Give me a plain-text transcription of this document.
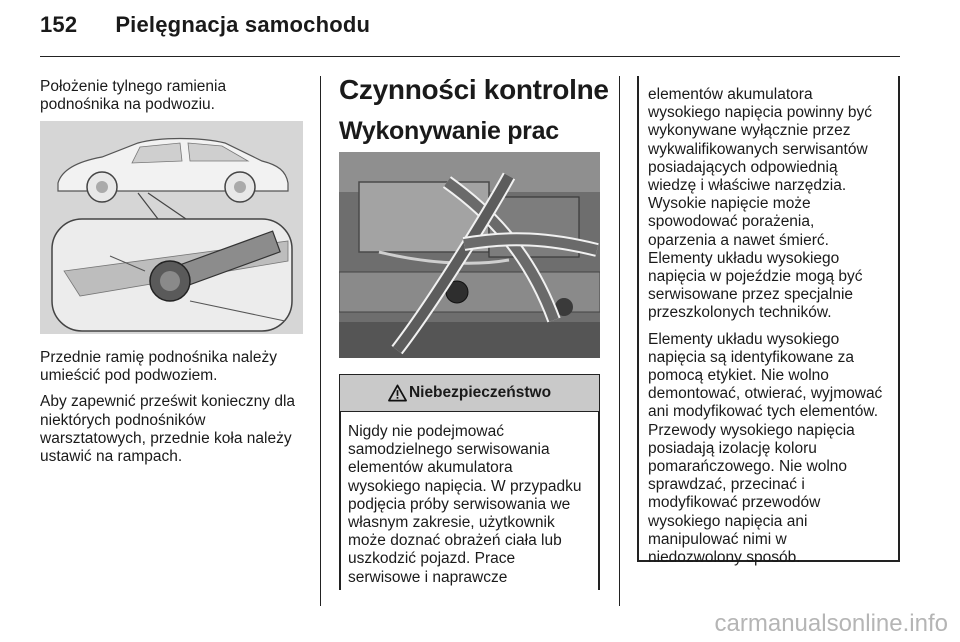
152 Pielęgnacja samochodu
Położenie tylnego ramienia
podnośnika na podwoziu.
Przednie ramię podnośnika należy
umieścić pod podwoziem.
Aby zapewnić prześwit konieczny dla
niektórych podnośników
warsztatowych, przednie koła należy
ustawić na rampach.
Czynności kontrolne
Wykonywanie prac
Niebezpieczeństwo
Nigdy nie podejmować
samodzielnego serwisowania
elementów akumulatora
wysokiego napięcia. W przypadku
podjęcia próby serwisowania we
własnym zakresie, użytkownik
może doznać obrażeń ciała lub
uszkodzić pojazd. Prace
serwisowe i naprawcze
elementów akumulatora
wysokiego napięcia powinny być
wykonywane wyłącznie przez
wykwalifikowanych serwisantów
posiadających odpowiednią
wiedzę i właściwe narzędzia.
Wysokie napięcie może
spowodować porażenia,
oparzenia a nawet śmierć.
Elementy układu wysokiego
napięcia w pojeździe mogą być
serwisowane przez specjalnie
przeszkolonych techników.
Elementy układu wysokiego
napięcia są identyfikowane za
pomocą etykiet. Nie wolno
demontować, otwierać, wyjmować
ani modyfikować tych elementów.
Przewody wysokiego napięcia
posiadają izolację koloru
pomarańczowego. Nie wolno
sprawdzać, przecinać i
modyfikować przewodów
wysokiego napięcia ani
manipulować nimi w
niedozwolony sposób.
carmanualsonline.info
